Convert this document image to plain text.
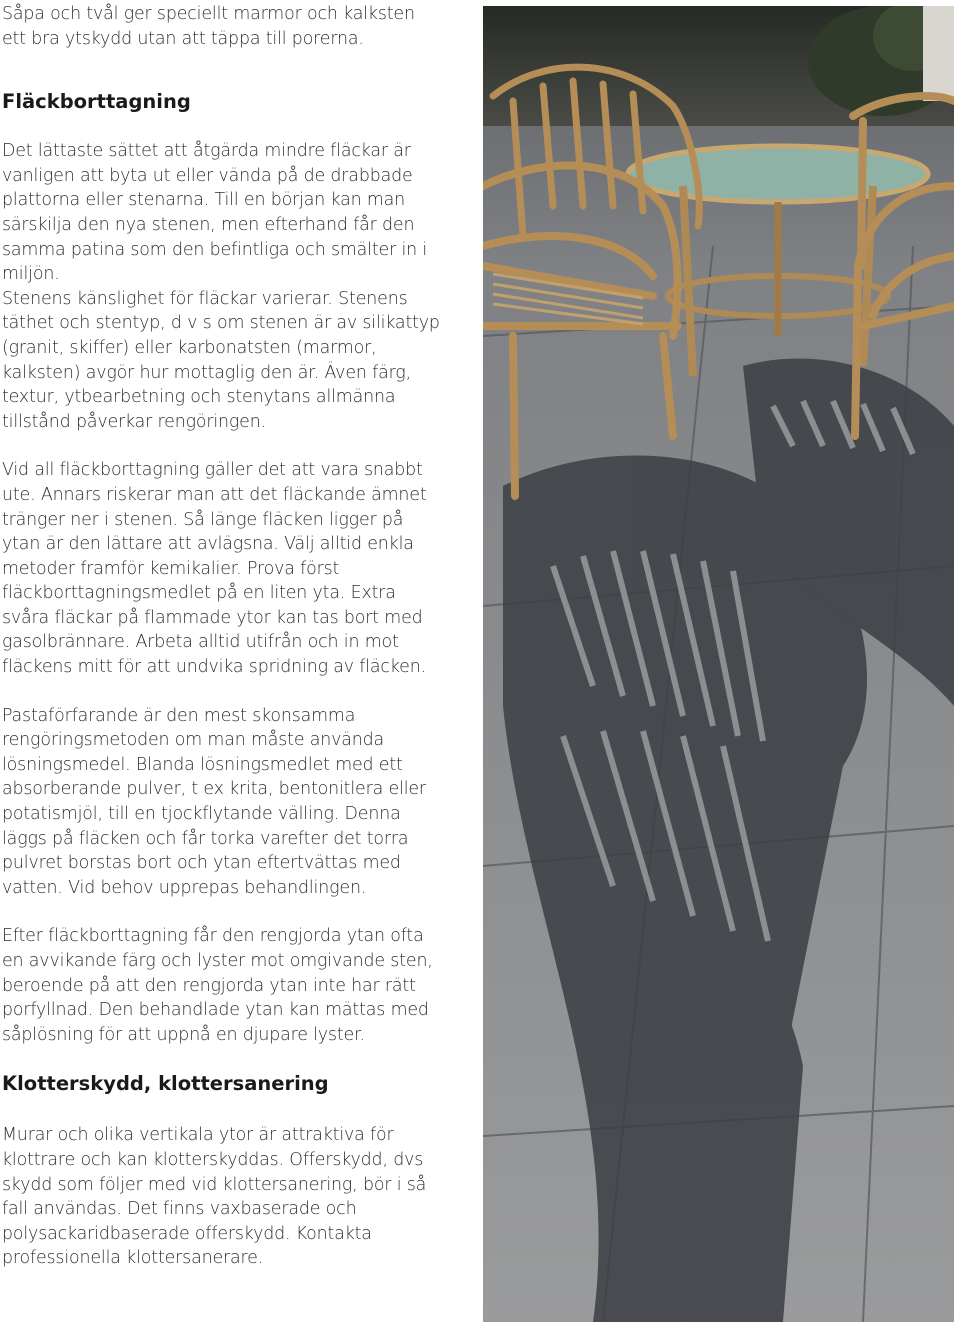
Såpa och tvål ger speciellt marmor och kalksten ett bra ytskydd utan att täppa till porerna.

Fläckborttagning

Det lättaste sättet att åtgärda mindre fläckar är vanligen att byta ut eller vända på de drabbade plattorna eller stenarna. Till en början kan man särskilja den nya stenen, men efterhand får den samma patina som den befintliga och smälter in i miljön.

Stenens känslighet för fläckar varierar. Stenens täthet och stentyp, d v s om stenen är av silikattyp (granit, skiffer) eller karbonatsten (marmor, kalksten) avgör hur mottaglig den är. Även färg, textur, ytbearbetning och stenytans allmänna tillstånd påverkar rengöringen.

Vid all fläckborttagning gäller det att vara snabbt ute. Annars riskerar man att det fläckande ämnet tränger ner i stenen. Så länge fläcken ligger på ytan är den lättare att avlägsna. Välj alltid enkla metoder framför kemikalier. Prova först fläckborttagningsmedlet på en liten yta. Extra svåra fläckar på flammade ytor kan tas bort med gasolbrännare. Arbeta alltid utifrån och in mot fläckens mitt för att undvika spridning av fläcken.

Pastaförfarande är den mest skonsamma rengöringsmetoden om man måste använda lösningsmedel. Blanda lösningsmedlet med ett absorberande pulver, t ex krita, bentonitlera eller potatismjöl, till en tjockflytande välling. Denna läggs på fläcken och får torka varefter det torra pulvret borstas bort och ytan eftertvättas med vatten. Vid behov upprepas behandlingen.

Efter fläckborttagning får den rengjorda ytan ofta en avvikande färg och lyster mot omgivande sten, beroende på att den rengjorda ytan inte har rätt porfyllnad. Den behandlade ytan kan mättas med såplösning för att uppnå en djupare lyster.

Klotterskydd, klottersanering

Murar och olika vertikala ytor är attraktiva för klottrare och kan klotterskyddas. Offerskydd, dvs skydd som följer med vid klottersanering, bör i så fall användas. Det finns vaxbaserade och polysackaridbaserade offerskydd. Kontakta professionella klottersanerare.
